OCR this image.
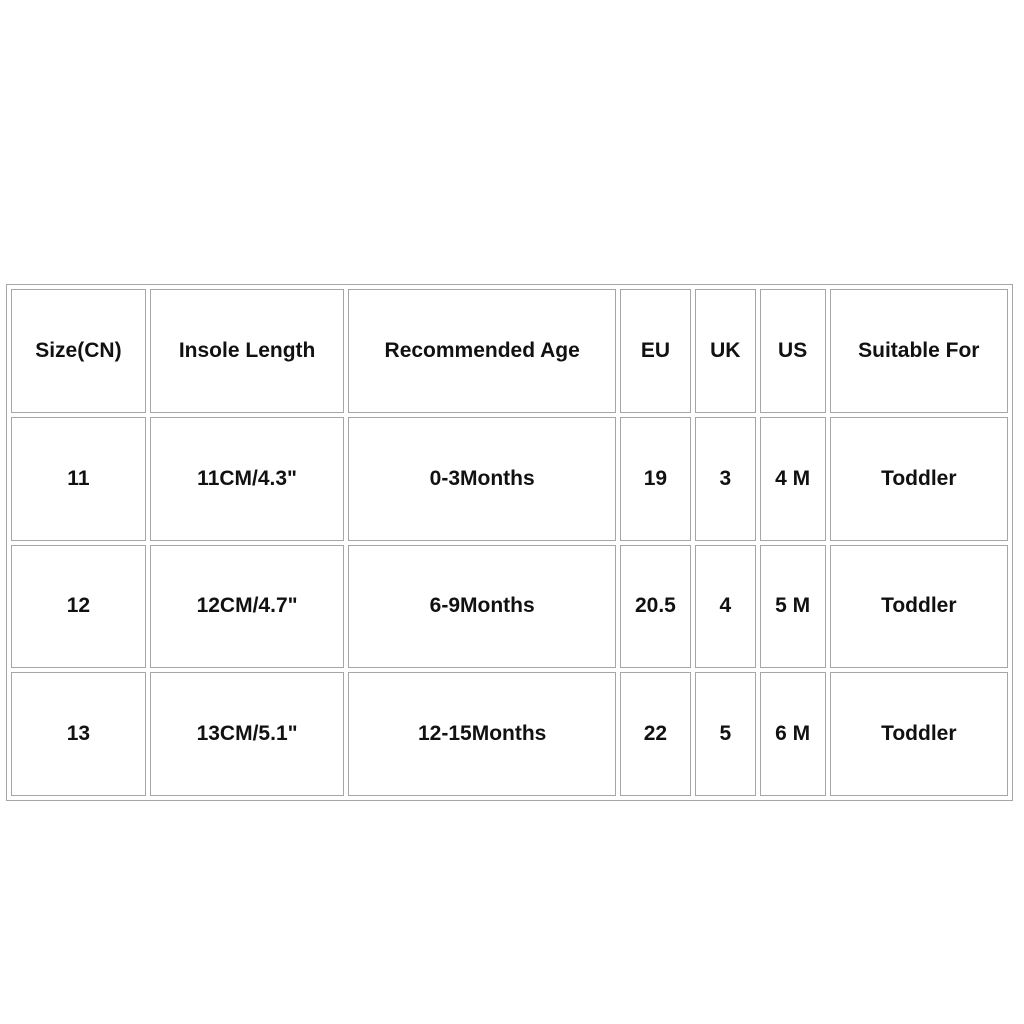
Size(CN)	Insole Length	Recommended Age	EU	UK	US	Suitable For
11	11CM/4.3"	0-3Months	19	3	4 M	Toddler
12	12CM/4.7"	6-9Months	20.5	4	5 M	Toddler
13	13CM/5.1"	12-15Months	22	5	6 M	Toddler
